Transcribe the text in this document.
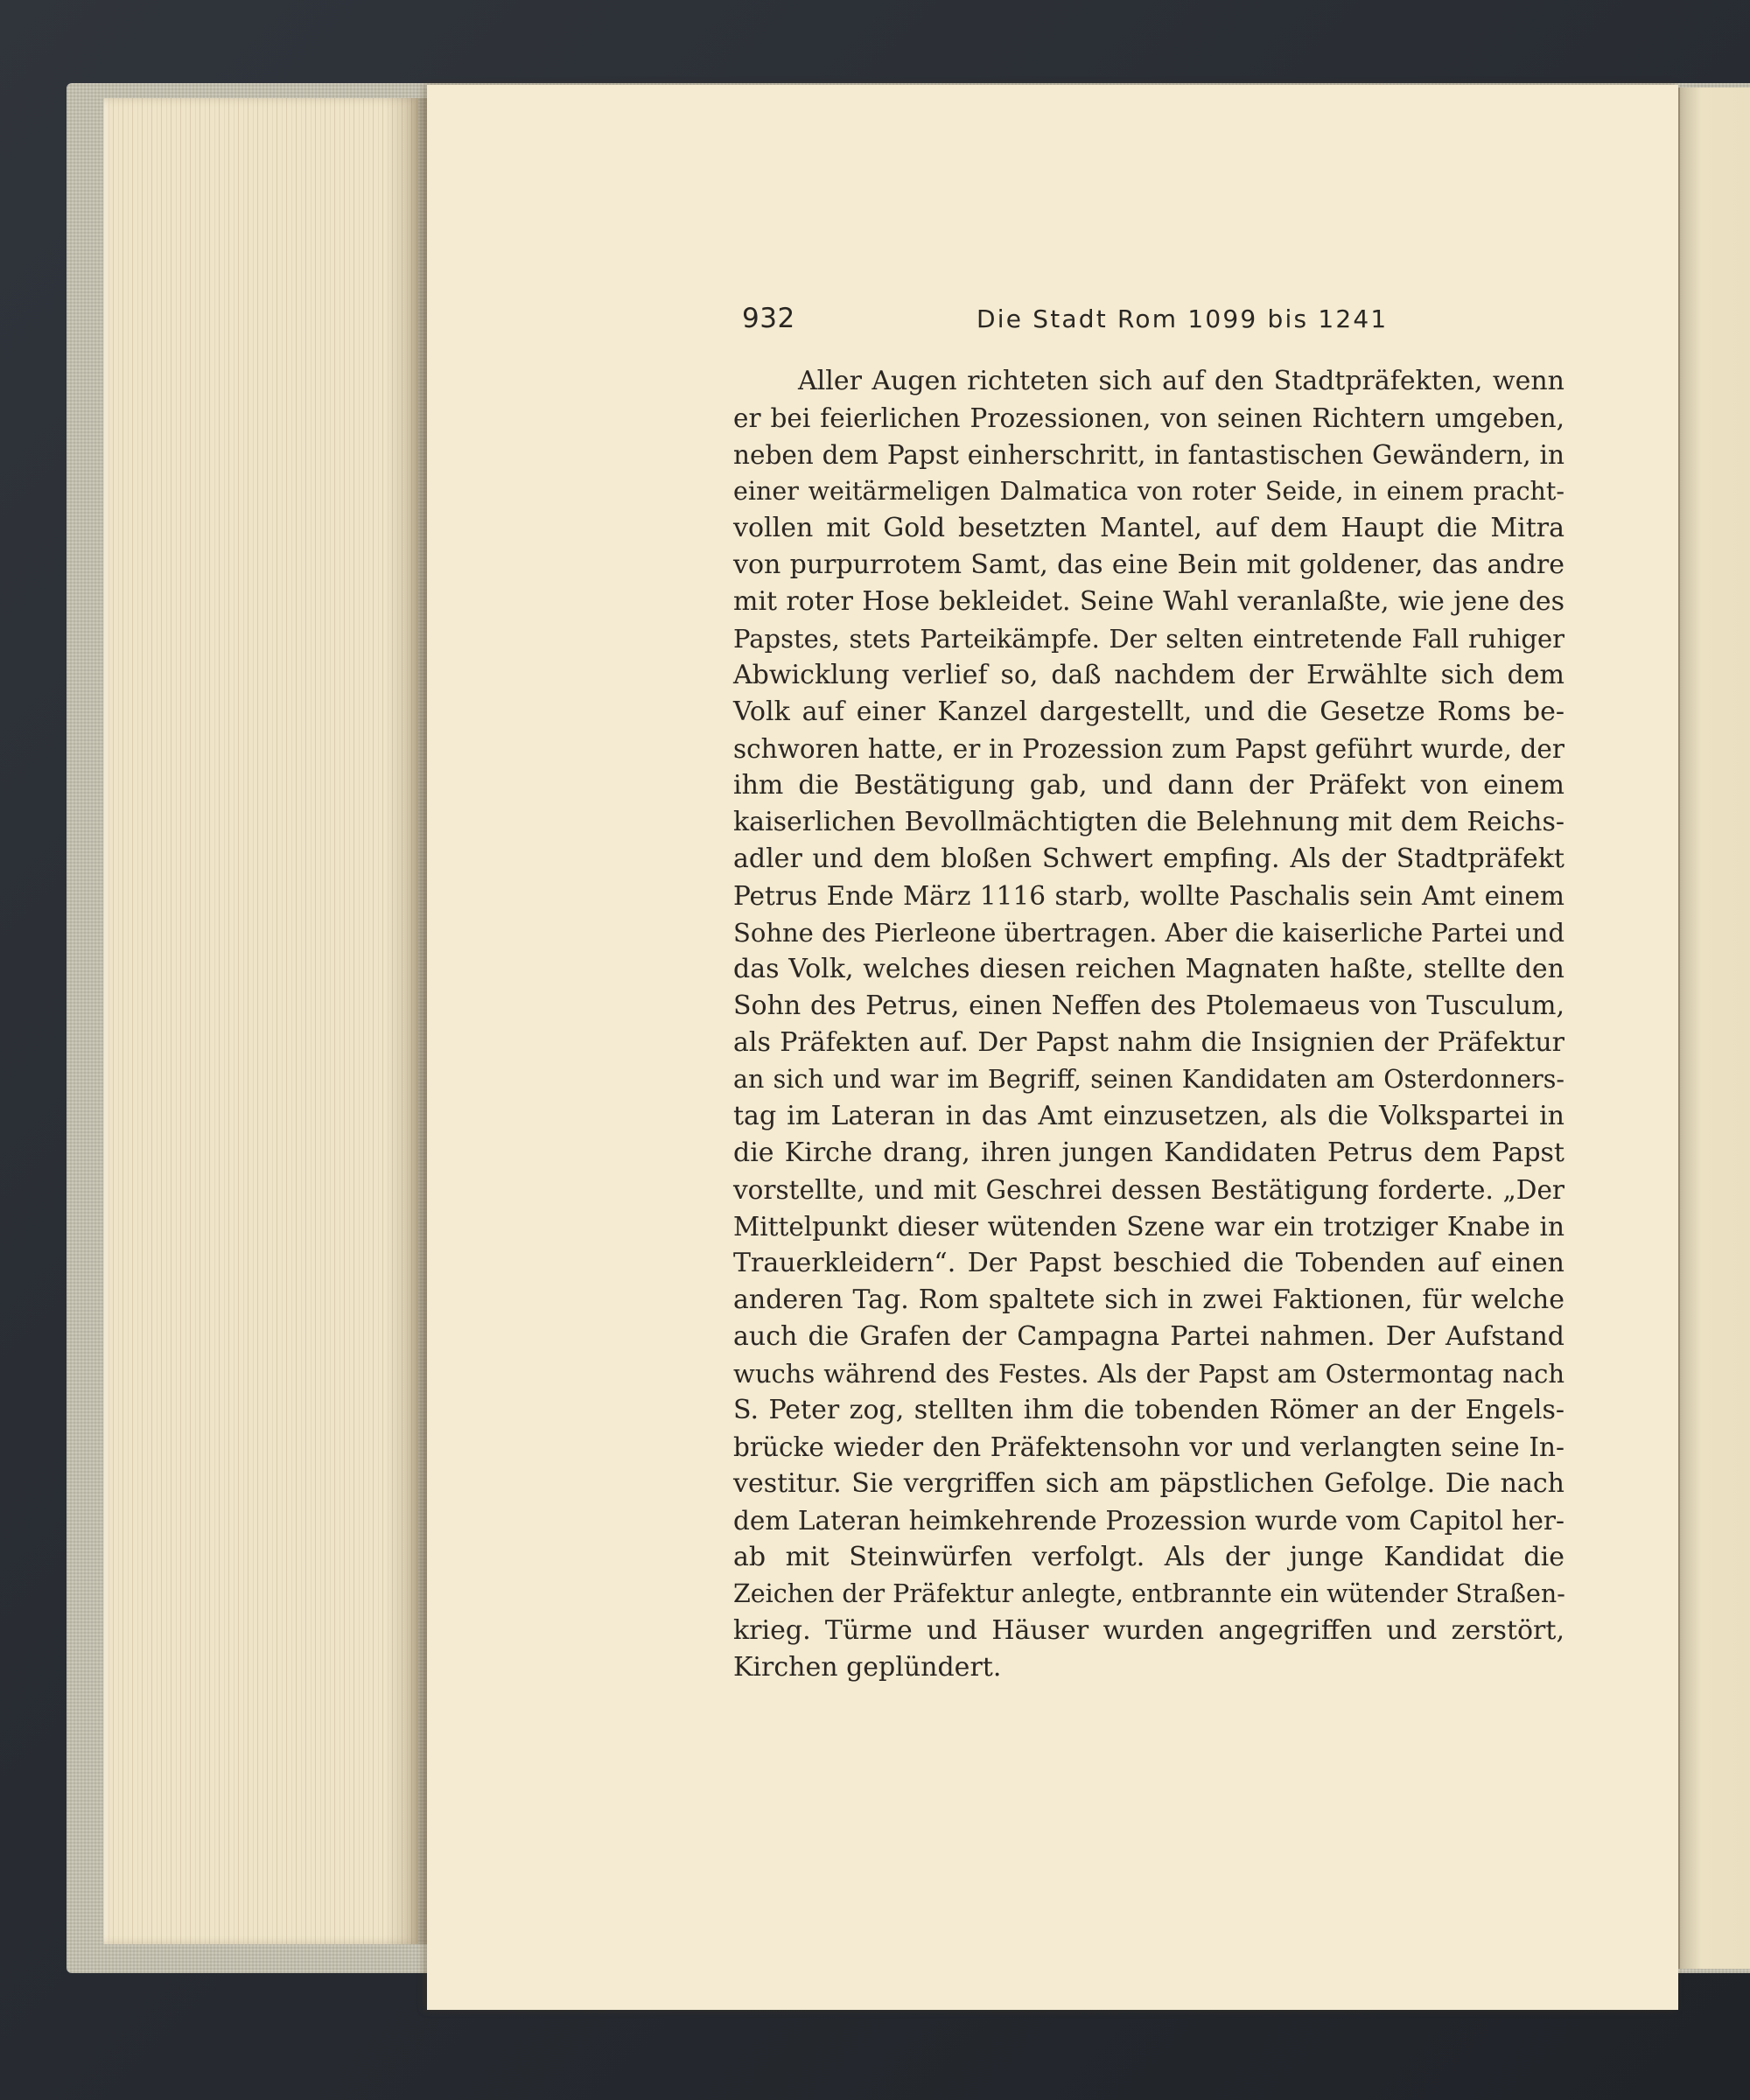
932	Die Stadt Rom 1099 bis 1241
Aller Augen richteten sich auf den Stadtpräfekten, wenn
er bei feierlichen Prozessionen, von seinen Richtern umgeben,
neben dem Papst einherschritt, in fantastischen Gewändern, in
einer weitärmeligen Dalmatica von roter Seide, in einem pracht-
vollen mit Gold besetzten Mantel, auf dem Haupt die Mitra
von purpurrotem Samt, das eine Bein mit goldener, das andre
mit roter Hose bekleidet. Seine Wahl veranlaßte, wie jene des
Papstes, stets Parteikämpfe. Der selten eintretende Fall ruhiger
Abwicklung verlief so, daß nachdem der Erwählte sich dem
Volk auf einer Kanzel dargestellt, und die Gesetze Roms be-
schworen hatte, er in Prozession zum Papst geführt wurde, der
ihm die Bestätigung gab, und dann der Präfekt von einem
kaiserlichen Bevollmächtigten die Belehnung mit dem Reichs-
adler und dem bloßen Schwert empfing. Als der Stadtpräfekt
Petrus Ende März 1116 starb, wollte Paschalis sein Amt einem
Sohne des Pierleone übertragen. Aber die kaiserliche Partei und
das Volk, welches diesen reichen Magnaten haßte, stellte den
Sohn des Petrus, einen Neffen des Ptolemaeus von Tusculum,
als Präfekten auf. Der Papst nahm die Insignien der Präfektur
an sich und war im Begriff, seinen Kandidaten am Osterdonners-
tag im Lateran in das Amt einzusetzen, als die Volkspartei in
die Kirche drang, ihren jungen Kandidaten Petrus dem Papst
vorstellte, und mit Geschrei dessen Bestätigung forderte. „Der
Mittelpunkt dieser wütenden Szene war ein trotziger Knabe in
Trauerkleidern“. Der Papst beschied die Tobenden auf einen
anderen Tag. Rom spaltete sich in zwei Faktionen, für welche
auch die Grafen der Campagna Partei nahmen. Der Aufstand
wuchs während des Festes. Als der Papst am Ostermontag nach
S. Peter zog, stellten ihm die tobenden Römer an der Engels-
brücke wieder den Präfektensohn vor und verlangten seine In-
vestitur. Sie vergriffen sich am päpstlichen Gefolge. Die nach
dem Lateran heimkehrende Prozession wurde vom Capitol her-
ab mit Steinwürfen verfolgt. Als der junge Kandidat die
Zeichen der Präfektur anlegte, entbrannte ein wütender Straßen-
krieg. Türme und Häuser wurden angegriffen und zerstört,
Kirchen geplündert.
